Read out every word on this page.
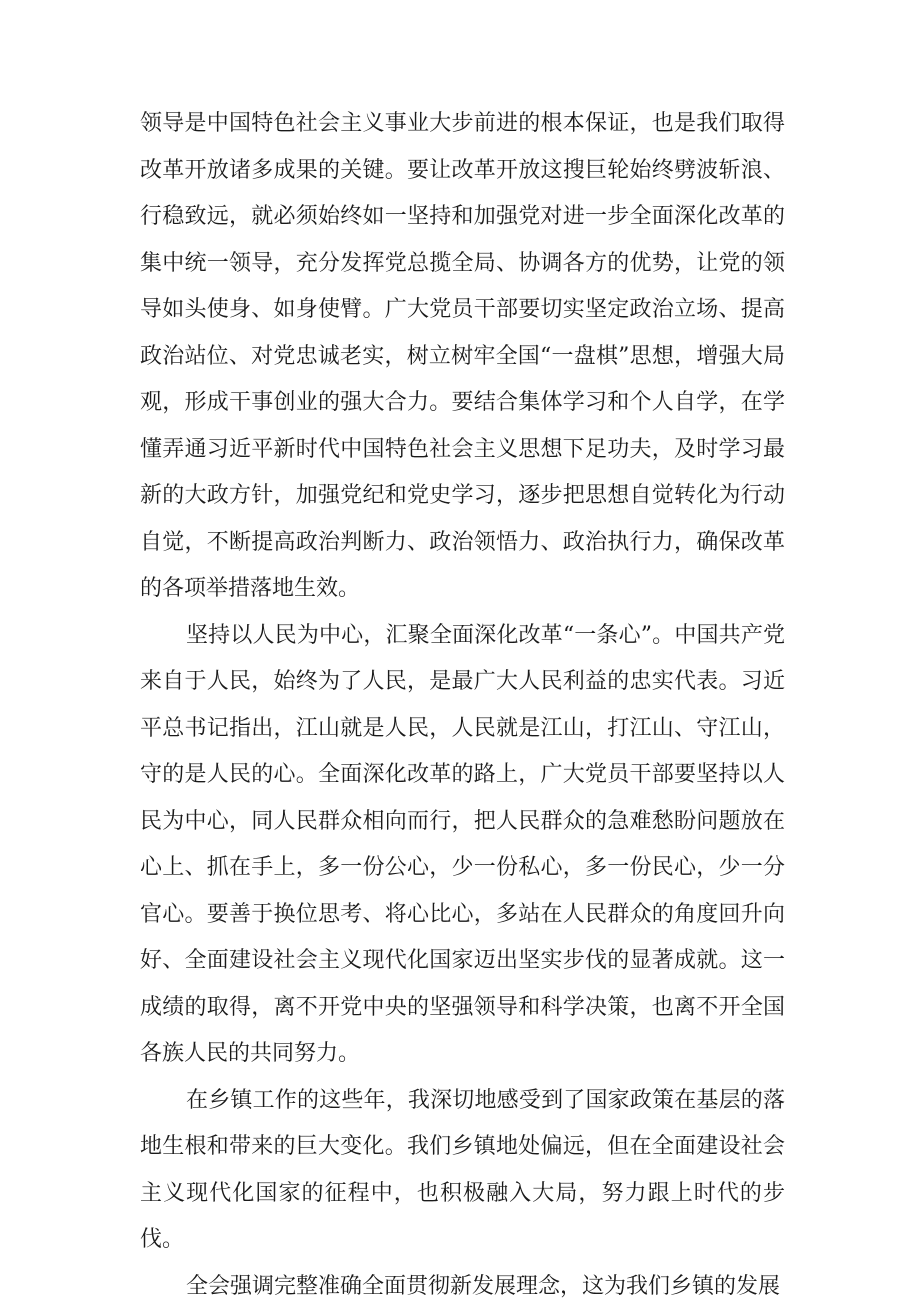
领导是中国特色社会主义事业大步前进的根本保证，也是我们取得改革开放诸多成果的关键。要让改革开放这搜巨轮始终劈波斩浪、行稳致远，就必须始终如一坚持和加强党对进一步全面深化改革的集中统一领导，充分发挥党总揽全局、协调各方的优势，让党的领导如头使身、如身使臂。广大党员干部要切实坚定政治立场、提高政治站位、对党忠诚老实，树立树牢全国“一盘棋”思想，增强大局观，形成干事创业的强大合力。要结合集体学习和个人自学，在学懂弄通习近平新时代中国特色社会主义思想下足功夫，及时学习最新的大政方针，加强党纪和党史学习，逐步把思想自觉转化为行动自觉，不断提高政治判断力、政治领悟力、政治执行力，确保改革的各项举措落地生效。

坚持以人民为中心，汇聚全面深化改革“一条心”。中国共产党来自于人民，始终为了人民，是最广大人民利益的忠实代表。习近平总书记指出，江山就是人民，人民就是江山，打江山、守江山，守的是人民的心。全面深化改革的路上，广大党员干部要坚持以人民为中心，同人民群众相向而行，把人民群众的急难愁盼问题放在心上、抓在手上，多一份公心，少一份私心，多一份民心，少一分官心。要善于换位思考、将心比心，多站在人民群众的角度回升向好、全面建设社会主义现代化国家迈出坚实步伐的显著成就。这一成绩的取得，离不开党中央的坚强领导和科学决策，也离不开全国各族人民的共同努力。

在乡镇工作的这些年，我深切地感受到了国家政策在基层的落地生根和带来的巨大变化。我们乡镇地处偏远，但在全面建设社会主义现代化国家的征程中，也积极融入大局，努力跟上时代的步伐。

全会强调完整准确全面贯彻新发展理念，这为我们乡镇的发展
